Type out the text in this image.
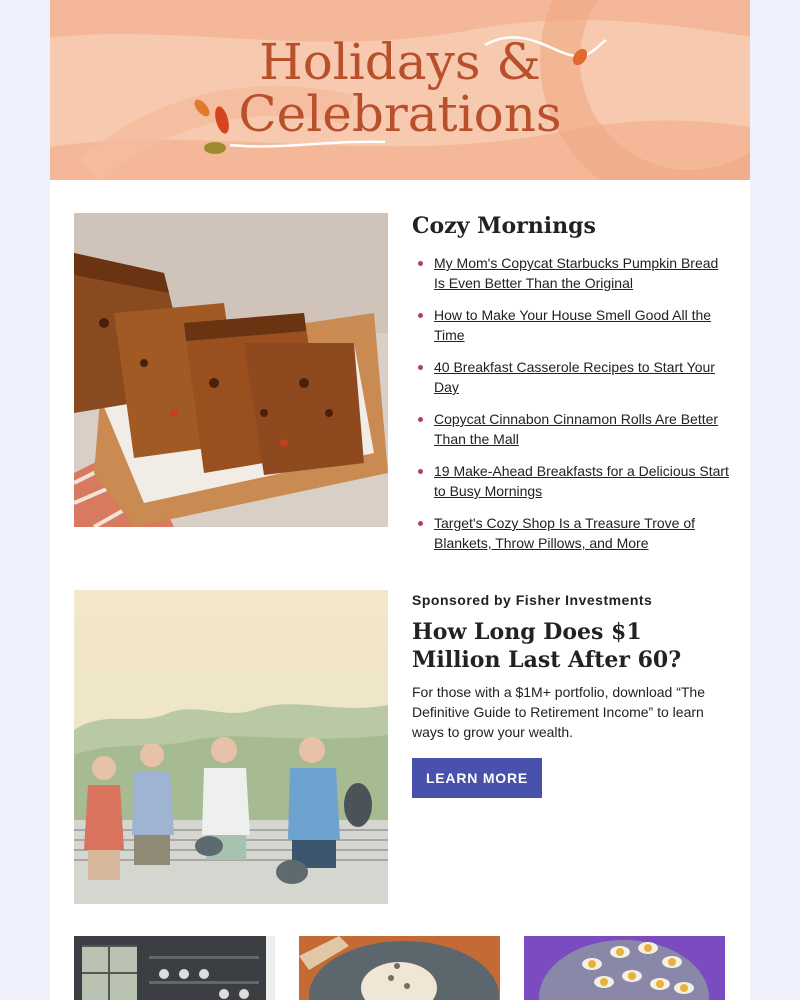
Holidays &
Celebrations
Cozy Mornings
My Mom's Copycat Starbucks Pumpkin Bread Is Even Better Than the Original
How to Make Your House Smell Good All the Time
40 Breakfast Casserole Recipes to Start Your Day
Copycat Cinnabon Cinnamon Rolls Are Better Than the Mall
19 Make-Ahead Breakfasts for a Delicious Start to Busy Mornings
Target's Cozy Shop Is a Treasure Trove of Blankets, Throw Pillows, and More
Sponsored by Fisher Investments
How Long Does $1 Million Last After 60?

For those with a $1M+ portfolio, download “The Definitive Guide to Retirement Income” to learn ways to grow your wealth.

LEARN MORE
